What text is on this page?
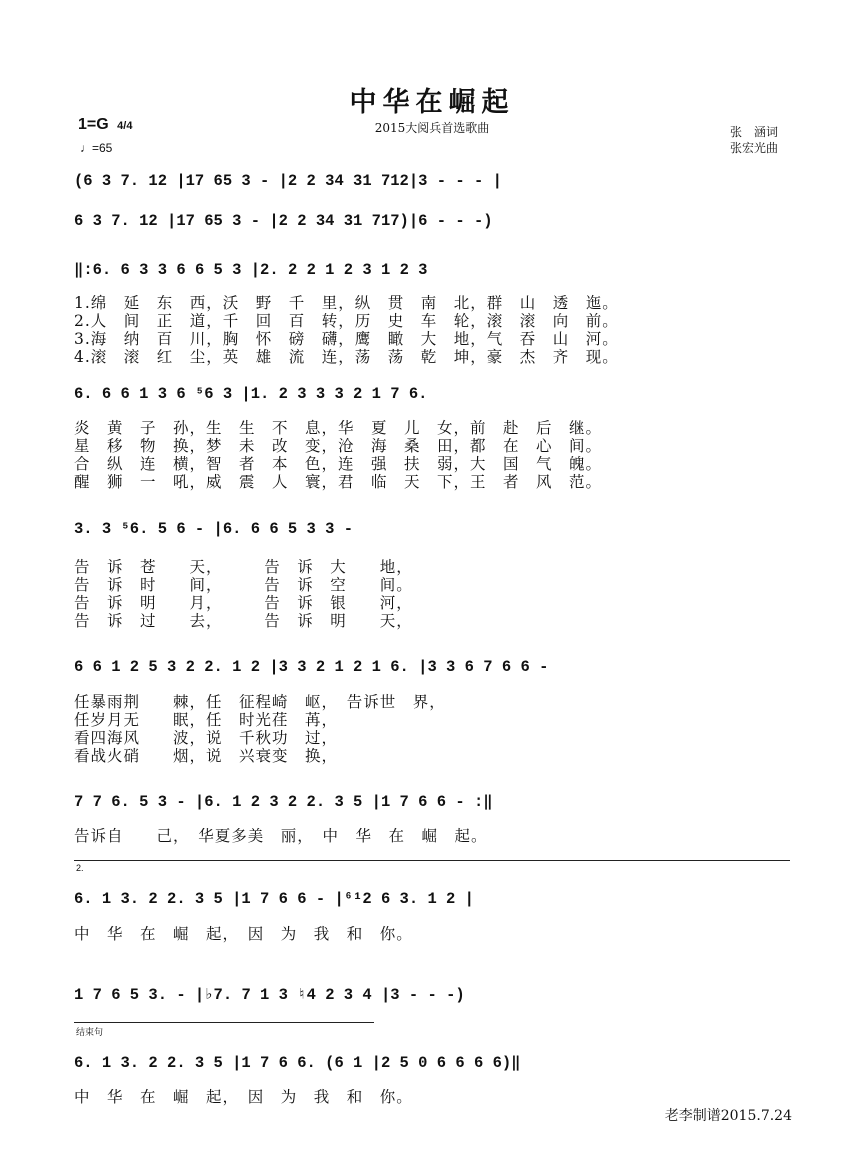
中华在崛起
2015大阅兵首选歌曲
1=G 4/4
♩=65
张　涵词
张宏光曲
(6 3 7. 12 |17 65 3 - |2 2 34 31 712|3 - - - |
6 3 7. 12 |17 65 3 - |2 2 34 31 717)|6 - - -)
‖:6. 6 3 3 6 6 5 3 |2. 2 2 1 2 3 1 2 3
1.绵　延　东　西，沃　野　千　里，纵　贯　南　北，群　山　透　迤。
2.人　间　正　道，千　回　百　转，历　史　车　轮，滚　滚　向　前。
3.海　纳　百　川，胸　怀　磅　礴，鹰　瞰　大　地，气　吞　山　河。
4.滚　滚　红　尘，英　雄　流　连，荡　荡　乾　坤，豪　杰　齐　现。
6. 6 6 1 3 6 ⁵6 3 |1. 2 3 3 3 2 1 7 6.
炎　黄　子　孙，生　生　不　息，华　夏　儿　女，前　赴　后　继。
星　移　物　换，梦　未　改　变，沧　海　桑　田，都　在　心　间。
合　纵　连　横，智　者　本　色，连　强　扶　弱，大　国　气　魄。
醒　狮　一　吼，威　震　人　寰，君　临　天　下，王　者　风　范。
3. 3 ⁵6. 5 6 - |6. 6 6 5 3 3 -
告　诉　苍　　天，　　　告　诉　大　　地，
告　诉　时　　间，　　　告　诉　空　　间。
告　诉　明　　月，　　　告　诉　银　　河，
告　诉　过　　去，　　　告　诉　明　　天，
6 6 1 2 5 3 2 2. 1 2 |3 3 2 1 2 1 6. |3 3 6 7 6 6 -
任暴雨荆　　棘，任　征程崎　岖，　告诉世　界，
任岁月无　　眠，任　时光荏　苒，
看四海风　　波，说　千秋功　过，
看战火硝　　烟，说　兴衰变　换，
7 7 6. 5 3 - |6. 1 2 3 2 2. 3 5 |1 7 6 6 - :‖
告诉自　　己，　华夏多美　丽，　中　华　在　崛　起。
2.
6. 1 3. 2 2. 3 5 |1 7 6 6 - |⁶¹2 6 3. 1 2 |
中　华　在　崛　起，　因　为　我　和　你。
1 7 6 5 3. - |♭7. 7 1 3 ♮4 2 3 4 |3 - - -)
结束句
6. 1 3. 2 2. 3 5 |1 7 6 6. (6 1 |2 5 0 6 6 6 6)‖
中　华　在　崛　起，　因　为　我　和　你。
老李制谱2015.7.24
